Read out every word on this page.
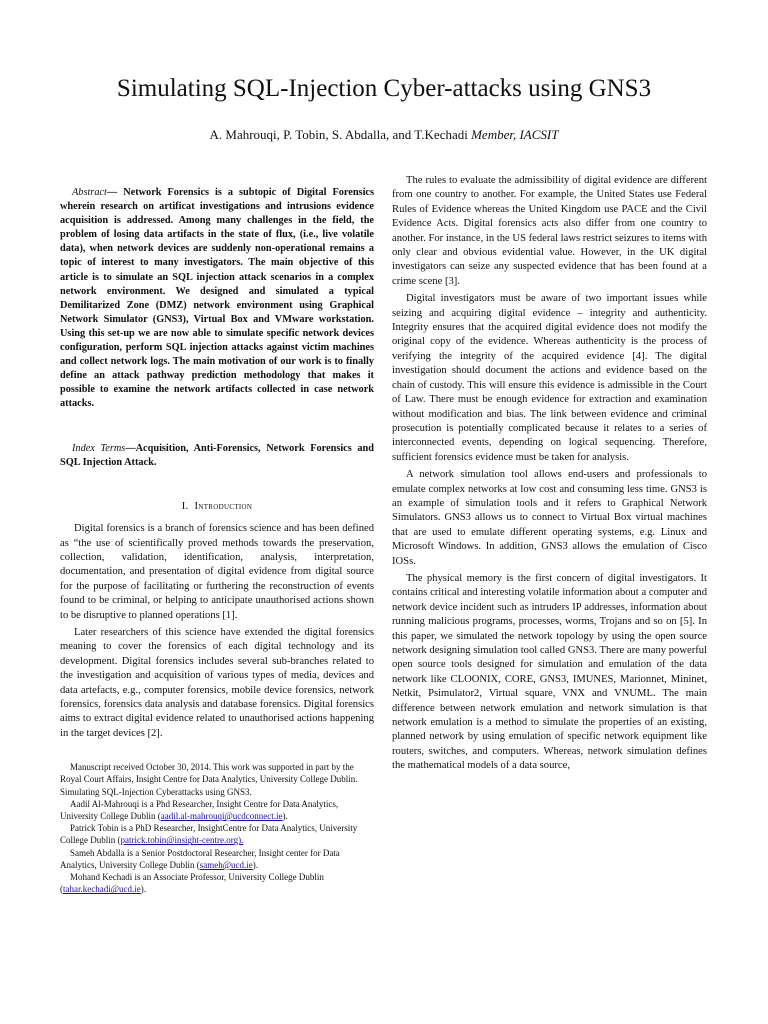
Simulating SQL-Injection Cyber-attacks using GNS3
A. Mahrouqi, P. Tobin, S. Abdalla, and T.Kechadi Member, IACSIT

Abstract— Network Forensics is a subtopic of Digital Forensics wherein research on artificat investigations and intrusions evidence acquisition is addressed. Among many challenges in the field, the problem of losing data artifacts in the state of flux, (i.e., live volatile data), when network devices are suddenly non-operational remains a topic of interest to many investigators. The main objective of this article is to simulate an SQL injection attack scenarios in a complex network environment. We designed and simulated a typical Demilitarized Zone (DMZ) network environment using Graphical Network Simulator (GNS3), Virtual Box and VMware workstation. Using this set-up we are now able to simulate specific network devices configuration, perform SQL injection attacks against victim machines and collect network logs. The main motivation of our work is to finally define an attack pathway prediction methodology that makes it possible to examine the network artifacts collected in case network attacks.

Index Terms—Acquisition, Anti-Forensics, Network Forensics and SQL Injection Attack.

I. Introduction

Digital forensics is a branch of forensics science and has been defined as “the use of scientifically proved methods towards the preservation, collection, validation, identification, analysis, interpretation, documentation, and presentation of digital evidence from digital source for the purpose of facilitating or furthering the reconstruction of events found to be criminal, or helping to anticipate unauthorised actions shown to be disruptive to planned operations [1].

Later researchers of this science have extended the digital forensics meaning to cover the forensics of each digital technology and its development. Digital forensics includes several sub-branches related to the investigation and acquisition of various types of media, devices and data artefacts, e.g., computer forensics, mobile device forensics, network forensics, forensics data analysis and database forensics. Digital forensics aims to extract digital evidence related to unauthorised actions happening in the target devices [2].

Manuscript received October 30, 2014. This work was supported in part by the Royal Court Affairs, Insight Centre for Data Analytics, University College Dublin. Simulating SQL-Injection Cyberattacks using GNS3.

Aadil Al-Mahrouqi is a Phd Researcher, Insight Centre for Data Analytics, University College Dublin (aadil.al-mahrouqi@ucdconnect.ie).

Patrick Tobin is a PhD Researcher, InsightCentre for Data Analytics, University College Dublin (patrick.tobin@insight-centre.org).

Sameh Abdalla is a Senior Postdoctoral Researcher, Insight center for Data Analytics, University College Dublin (sameh@ucd.ie).

Mohand Kechadi is an Associate Professor, University College Dublin (tahar.kechadi@ucd.ie).

The rules to evaluate the admissibility of digital evidence are different from one country to another. For example, the United States use Federal Rules of Evidence whereas the United Kingdom use PACE and the Civil Evidence Acts. Digital forensics acts also differ from one country to another. For instance, in the US federal laws restrict seizures to items with only clear and obvious evidential value. However, in the UK digital investigators can seize any suspected evidence that has been found at a crime scene [3].

Digital investigators must be aware of two important issues while seizing and acquiring digital evidence – integrity and authenticity. Integrity ensures that the acquired digital evidence does not modify the original copy of the evidence. Whereas authenticity is the process of verifying the integrity of the acquired evidence [4]. The digital investigation should document the actions and evidence based on the chain of custody. This will ensure this evidence is admissible in the Court of Law. There must be enough evidence for extraction and examination without modification and bias. The link between evidence and criminal prosecution is potentially complicated because it relates to a series of interconnected events, depending on logical sequencing. Therefore, sufficient forensics evidence must be taken for analysis.

A network simulation tool allows end-users and professionals to emulate complex networks at low cost and consuming less time. GNS3 is an example of simulation tools and it refers to Graphical Network Simulators. GNS3 allows us to connect to Virtual Box virtual machines that are used to emulate different operating systems, e.g. Linux and Microsoft Windows. In addition, GNS3 allows the emulation of Cisco IOSs.

The physical memory is the first concern of digital investigators. It contains critical and interesting volatile information about a computer and network device incident such as intruders IP addresses, information about running malicious programs, processes, worms, Trojans and so on [5]. In this paper, we simulated the network topology by using the open source network designing simulation tool called GNS3. There are many powerful open source tools designed for simulation and emulation of the data network like CLOONIX, CORE, GNS3, IMUNES, Marionnet, Mininet, Netkit, Psimulator2, Virtual square, VNX and VNUML. The main difference between network emulation and network simulation is that network emulation is a method to simulate the properties of an existing, planned network by using emulation of specific network equipment like routers, switches, and computers. Whereas, network simulation defines the mathematical models of a data source,
